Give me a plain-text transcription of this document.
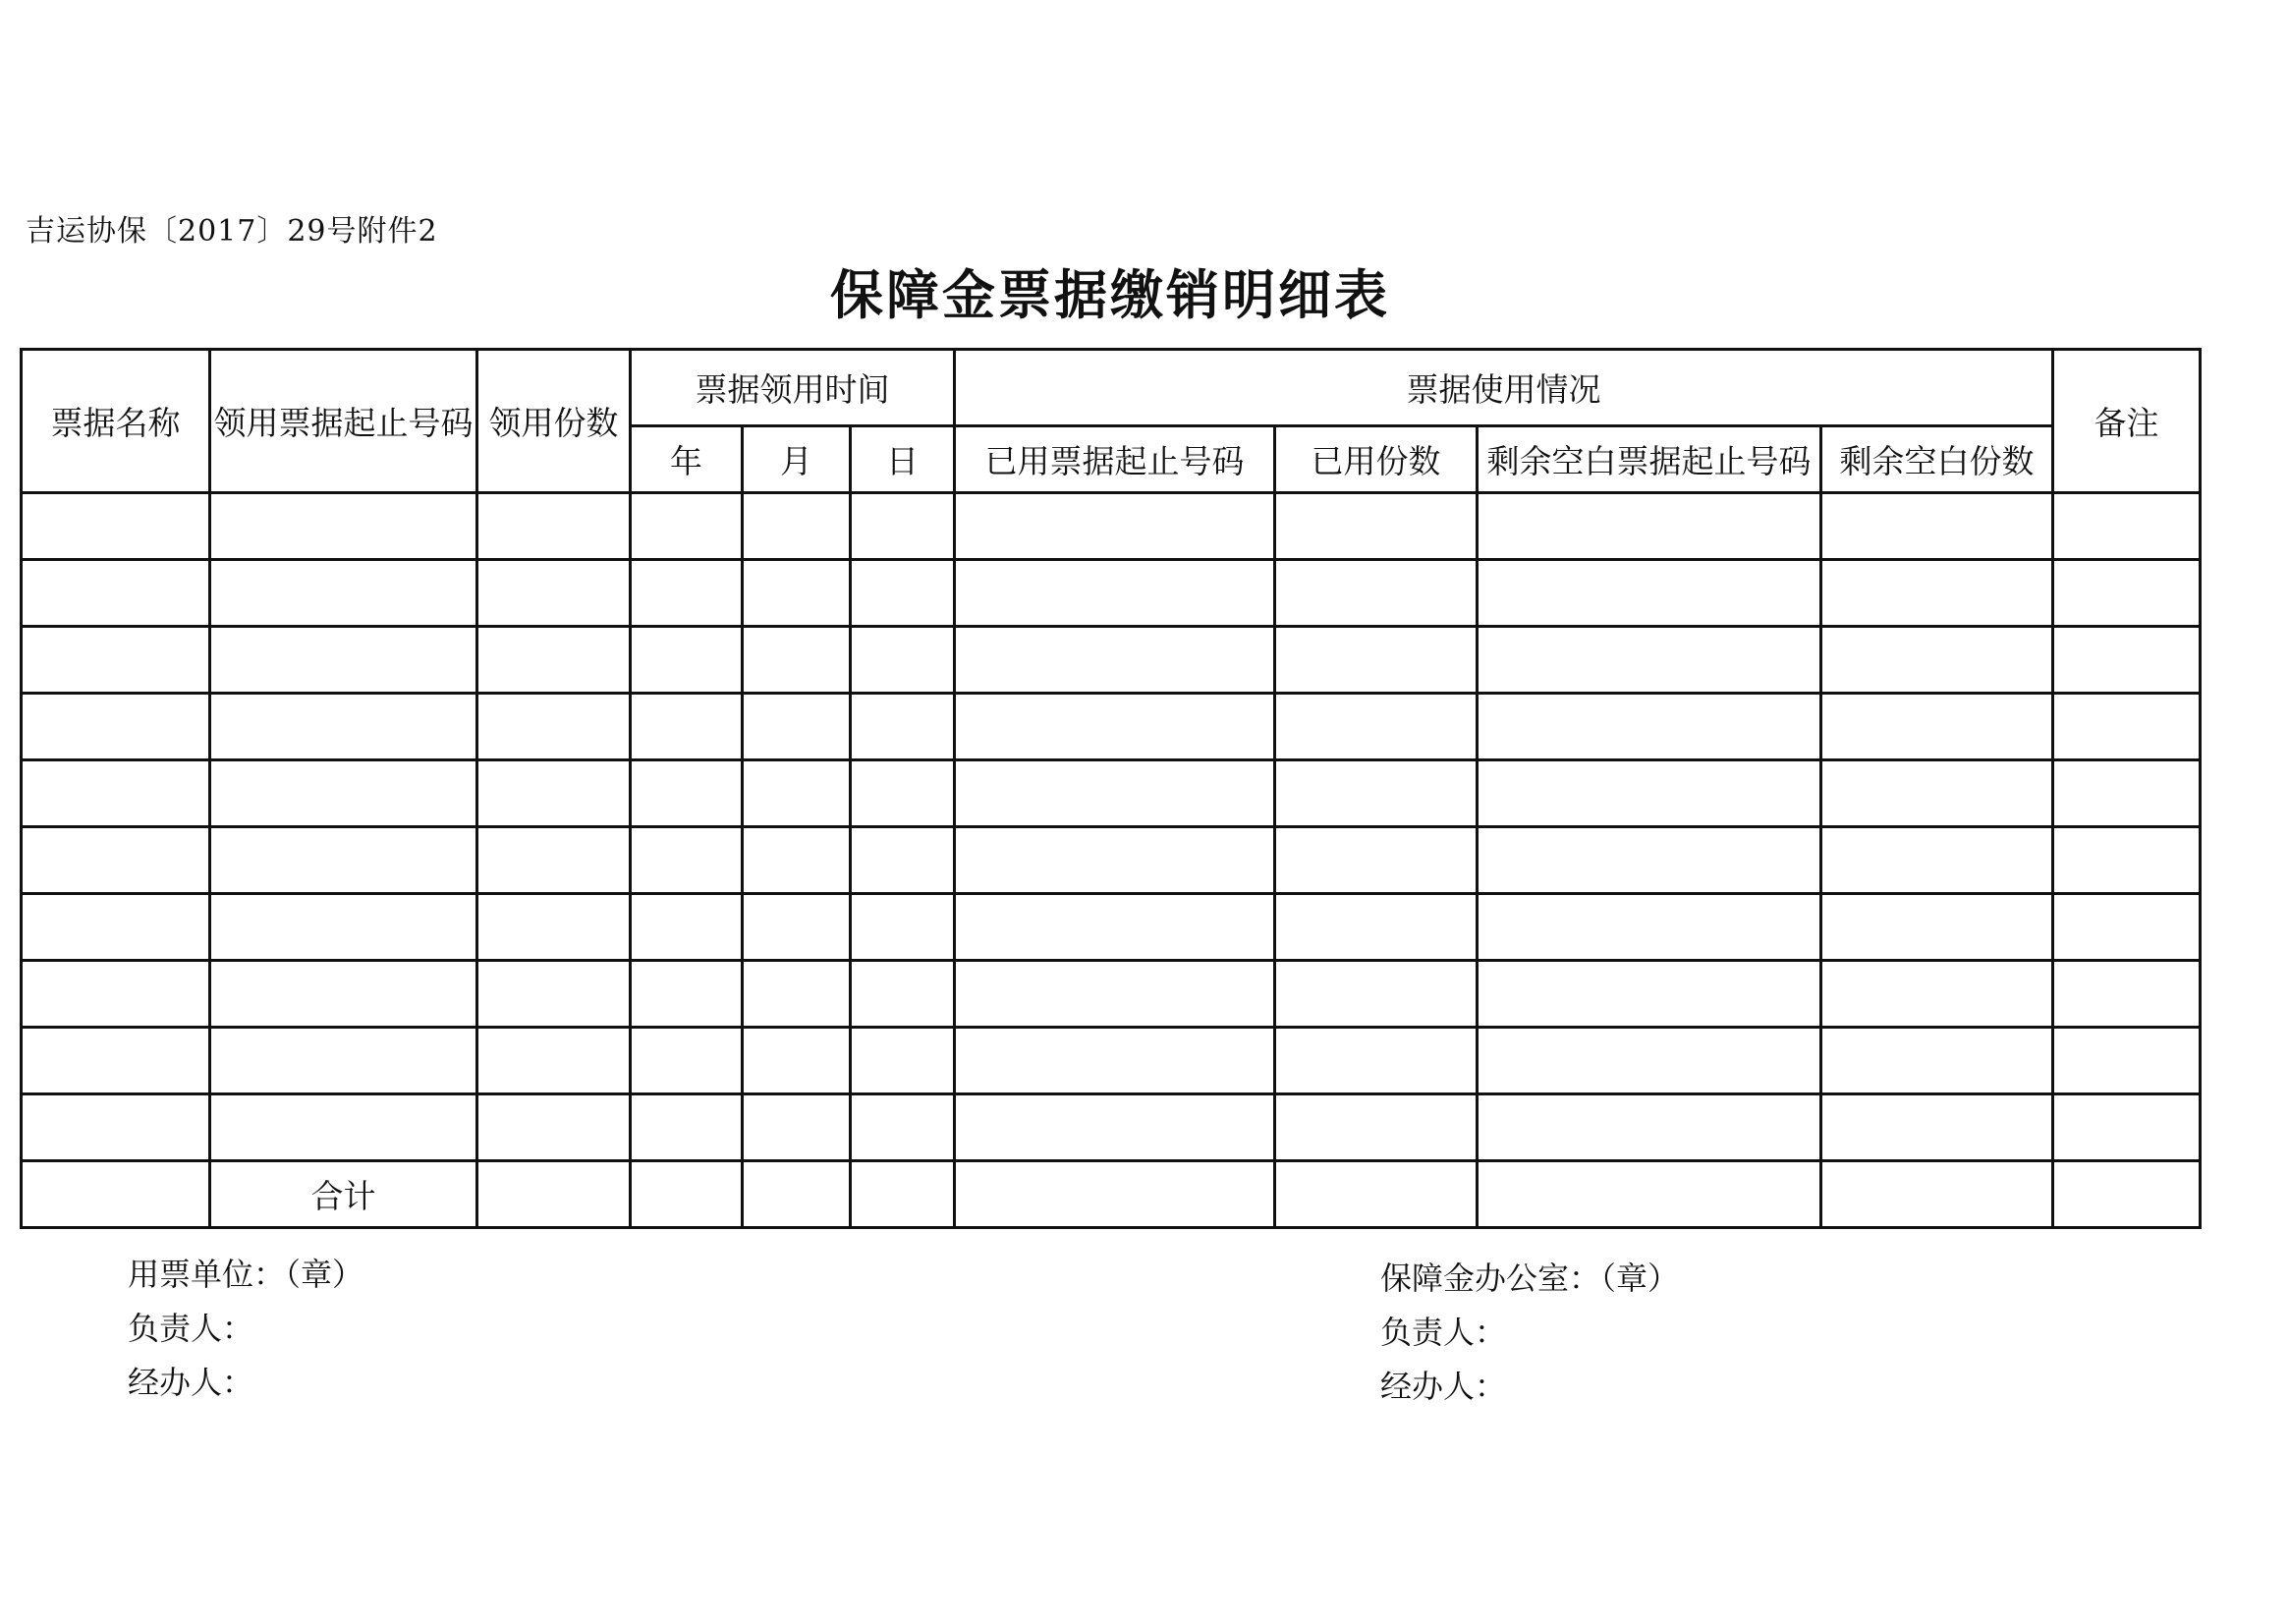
吉运协保〔2017〕29号附件2
保障金票据缴销明细表
票据名称	领用票据起止号码	领用份数	票据领用时间			票据使用情况				备注
			年	月	日	已用票据起止号码	已用份数	剩余空白票据起止号码	剩余空白份数	

	合计									
用票单位：（章）
负责人：
经办人：
保障金办公室：（章）
负责人：
经办人：
